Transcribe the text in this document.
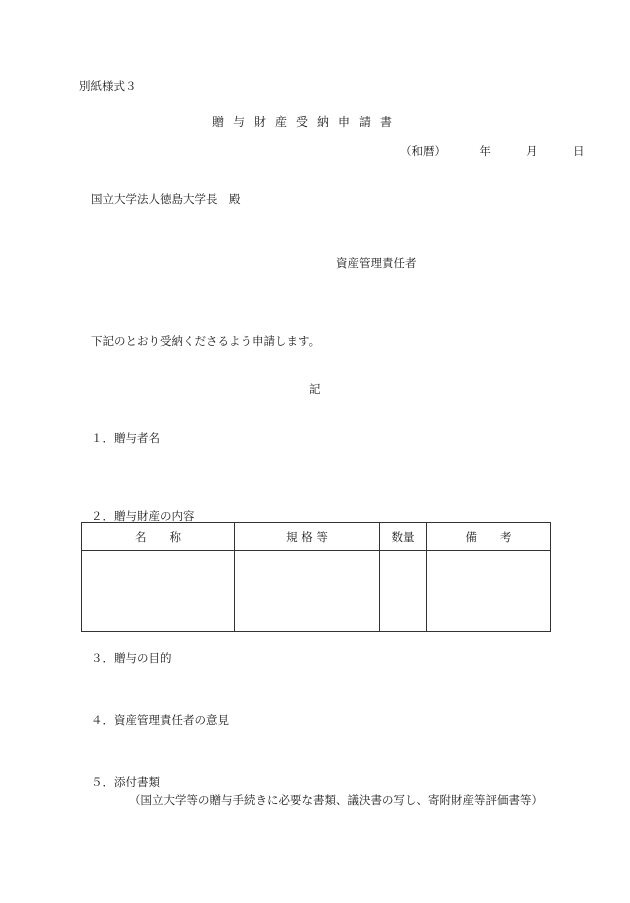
別紙様式３
贈与財産受納申請書
（和暦）	年	月	日
国立大学法人徳島大学長　殿
資産管理責任者
下記のとおり受納くださるよう申請します。
記
１．贈与者名
２．贈与財産の内容
名　　称	規 格 等	数量	備　　考

３．贈与の目的
４．資産管理責任者の意見
５．添付書類
（国立大学等の贈与手続きに必要な書類、議決書の写し、寄附財産等評価書等）
